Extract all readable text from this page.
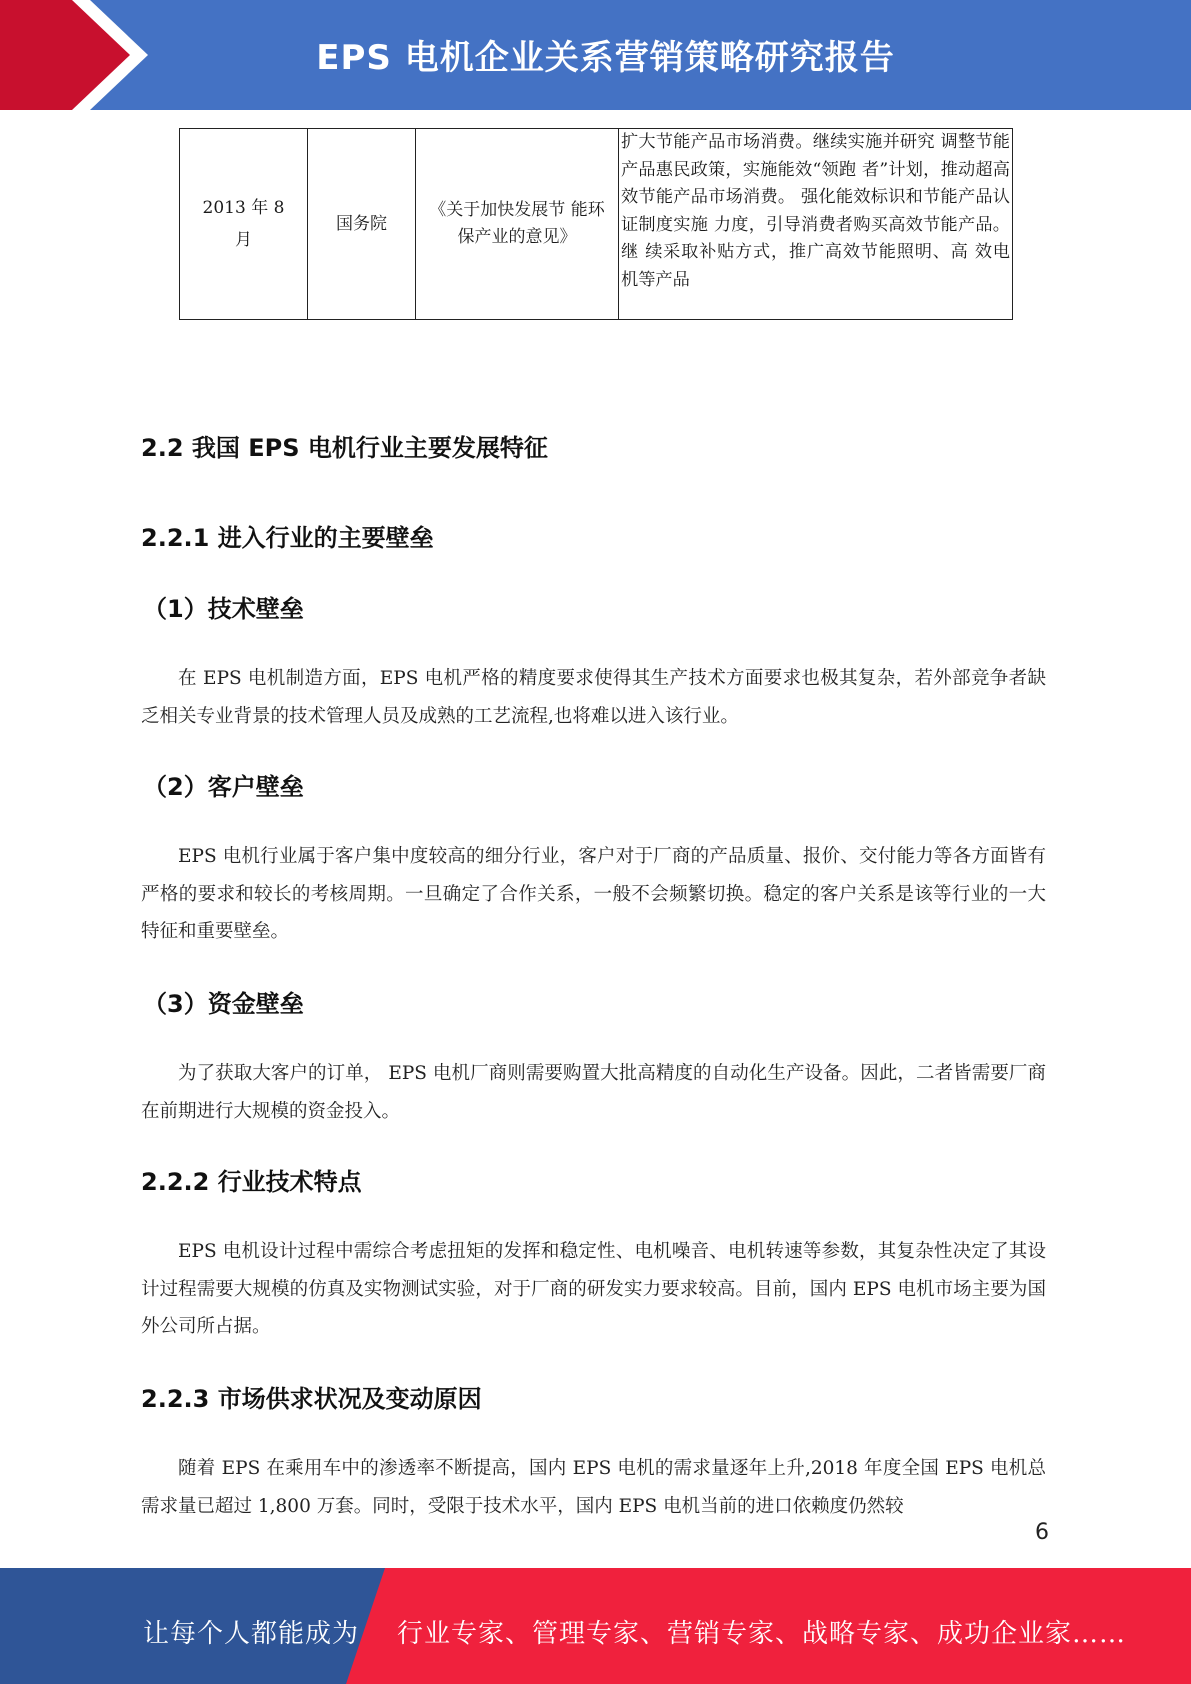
EPS 电机企业关系营销策略研究报告
2013 年 8 月	国务院	《关于加快发展节 能环保产业的意见》	扩大节能产品市场消费。继续实施并研究 调整节能产品惠民政策，实施能效“领跑 者”计划，推动超高效节能产品市场消费。 强化能效标识和节能产品认证制度实施 力度，引导消费者购买高效节能产品。继 续采取补贴方式，推广高效节能照明、高 效电机等产品
2.2 我国 EPS 电机行业主要发展特征
2.2.1 进入行业的主要壁垒
（1）技术壁垒
在 EPS 电机制造方面，EPS 电机严格的精度要求使得其生产技术方面要求也极其复杂，若外部竞争者缺乏相关专业背景的技术管理人员及成熟的工艺流程,也将难以进入该行业。
（2）客户壁垒
EPS 电机行业属于客户集中度较高的细分行业，客户对于厂商的产品质量、报价、交付能力等各方面皆有严格的要求和较长的考核周期。一旦确定了合作关系，一般不会频繁切换。稳定的客户关系是该等行业的一大特征和重要壁垒。
（3）资金壁垒
为了获取大客户的订单， EPS 电机厂商则需要购置大批高精度的自动化生产设备。因此，二者皆需要厂商在前期进行大规模的资金投入。
2.2.2 行业技术特点
EPS 电机设计过程中需综合考虑扭矩的发挥和稳定性、电机噪音、电机转速等参数，其复杂性决定了其设计过程需要大规模的仿真及实物测试实验，对于厂商的研发实力要求较高。目前，国内 EPS 电机市场主要为国外公司所占据。
2.2.3 市场供求状况及变动原因
随着 EPS 在乘用车中的渗透率不断提高，国内 EPS 电机的需求量逐年上升,2018 年度全国 EPS 电机总需求量已超过 1,800 万套。同时，受限于技术水平，国内 EPS 电机当前的进口依赖度仍然较
6
让每个人都能成为 行业专家、管理专家、营销专家、战略专家、成功企业家……
